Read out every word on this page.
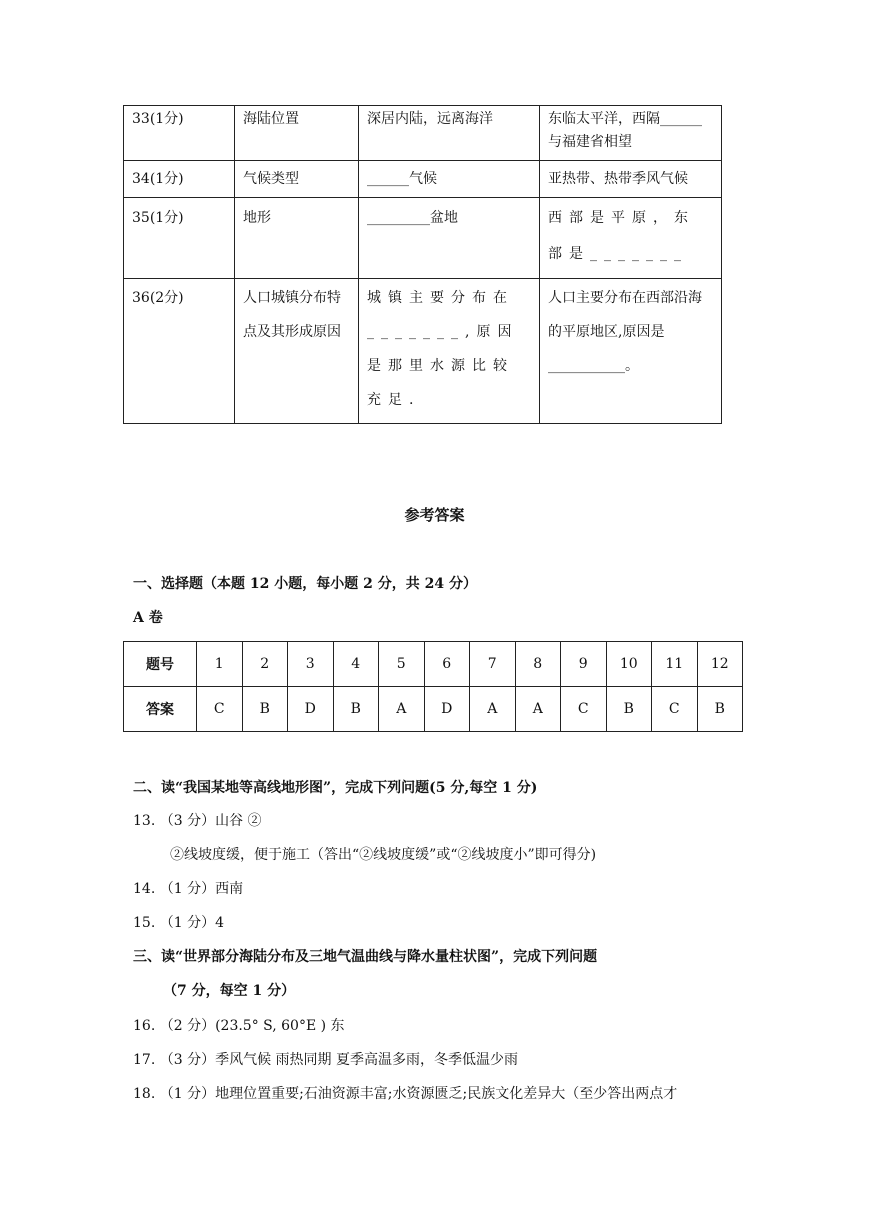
33(1分)	海陆位置	深居内陆，远离海洋	东临太平洋，西隔______与福建省相望
34(1分)	气候类型	______气候	亚热带、热带季风气候
35(1分)	地形	_________盆地	西部是平原，东部是_______
36(2分)	人口城镇分布特点及其形成原因	城镇主要分布在_______,原因是那里水源比较充足.	人口主要分布在西部沿海的平原地区,原因是___________。
参考答案
一、选择题（本题 12 小题，每小题 2 分，共 24 分）
A 卷
题号	1	2	3	4	5	6	7	8	9	10	11	12
答案	C	B	D	B	A	D	A	A	C	B	C	B
二、读“我国某地等高线地形图”，完成下列问题(5 分,每空 1 分)
13. （3 分）山谷 ②
②线坡度缓，便于施工（答出“②线坡度缓”或“②线坡度小”即可得分)
14. （1 分）西南
15. （1 分）4
三、读“世界部分海陆分布及三地气温曲线与降水量柱状图”，完成下列问题
（7 分，每空 1 分）
16. （2 分）(23.5° S, 60°E ) 东
17. （3 分）季风气候 雨热同期 夏季高温多雨，冬季低温少雨
18. （1 分）地理位置重要;石油资源丰富;水资源匮乏;民族文化差异大（至少答出两点才
